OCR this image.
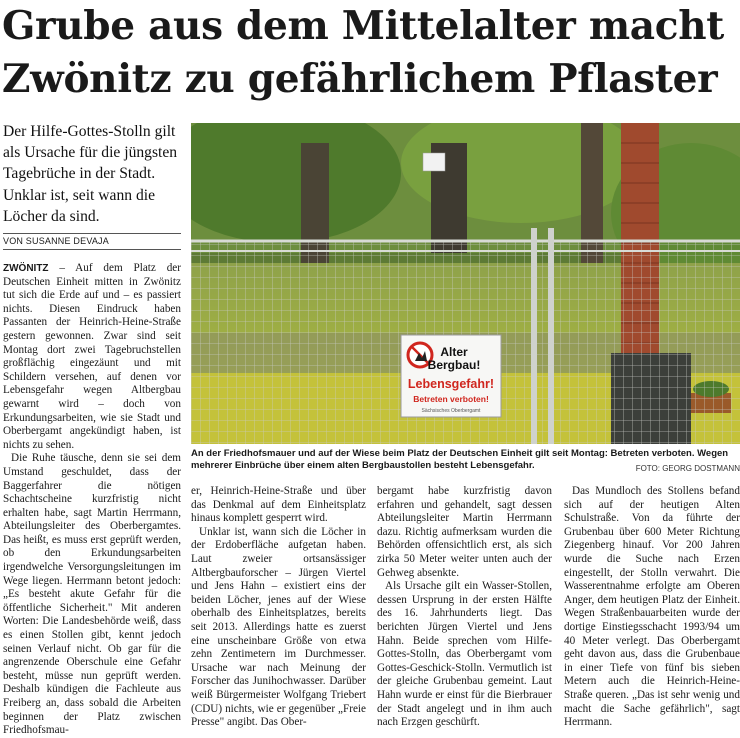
Grube aus dem Mittelalter macht
Zwönitz zu gefährlichem Pflaster
Der Hilfe-Gottes-Stolln gilt als Ursache für die jüngsten Tagebrüche in der Stadt. Unklar ist, seit wann die Löcher da sind.
VON SUSANNE DEVAJA

ZWÖNITZ – Auf dem Platz der Deutschen Einheit mitten in Zwönitz tut sich die Erde auf und – es passiert nichts. Diesen Eindruck haben Passanten der Heinrich-Heine-Straße gestern gewonnen. Zwar sind seit Montag dort zwei Tagebruchstellen großflächig eingezäunt und mit Schildern versehen, auf denen vor Lebensgefahr wegen Altbergbau gewarnt wird – doch von Erkundungsarbeiten, wie sie Stadt und Oberbergamt angekündigt haben, ist nichts zu sehen.

Die Ruhe täusche, denn sie sei dem Umstand geschuldet, dass der Baggerfahrer die nötigen Schachtscheine kurzfristig nicht erhalten habe, sagt Martin Herrmann, Abteilungsleiter des Oberbergamtes. Das heißt, es muss erst geprüft werden, ob den Erkundungsarbeiten irgendwelche Versorgungsleitungen im Wege liegen. Herrmann betont jedoch: „Es besteht akute Gefahr für die öffentliche Sicherheit." Mit anderen Worten: Die Landesbehörde weiß, dass es einen Stollen gibt, kennt jedoch seinen Verlauf nicht. Ob gar für die angrenzende Oberschule eine Gefahr besteht, müsse nun geprüft werden. Deshalb kündigen die Fachleute aus Freiberg an, dass sobald die Arbeiten beginnen der Platz zwischen Friedhofsmau-

Alter
Bergbau!
Lebensgefahr!
Betreten verboten!
Sächsisches Oberbergamt
An der Friedhofsmauer und auf der Wiese beim Platz der Deutschen Einheit gilt seit Montag: Betreten verboten. Wegen mehrerer Einbrüche über einem alten Bergbaustollen besteht Lebensgefahr.	FOTO: GEORG DOSTMANN

er, Heinrich-Heine-Straße und über das Denkmal auf dem Einheitsplatz hinaus komplett gesperrt wird.

Unklar ist, wann sich die Löcher in der Erdoberfläche aufgetan haben. Laut zweier ortsansässiger Altbergbauforscher – Jürgen Viertel und Jens Hahn – existiert eins der beiden Löcher, jenes auf der Wiese oberhalb des Einheitsplatzes, bereits seit 2013. Allerdings hatte es zuerst eine unscheinbare Größe von etwa zehn Zentimetern im Durchmesser. Ursache war nach Meinung der Forscher das Junihochwasser. Darüber weiß Bürgermeister Wolfgang Triebert (CDU) nichts, wie er gegenüber „Freie Presse" angibt. Das Ober-

bergamt habe kurzfristig davon erfahren und gehandelt, sagt dessen Abteilungsleiter Martin Herrmann dazu. Richtig aufmerksam wurden die Behörden offensichtlich erst, als sich zirka 50 Meter weiter unten auch der Gehweg absenkte.

Als Ursache gilt ein Wasser-Stollen, dessen Ursprung in der ersten Hälfte des 16. Jahrhunderts liegt. Das berichten Jürgen Viertel und Jens Hahn. Beide sprechen vom Hilfe-Gottes-Stolln, das Oberbergamt vom Gottes-Geschick-Stolln. Vermutlich ist der gleiche Grubenbau gemeint. Laut Hahn wurde er einst für die Bierbrauer der Stadt angelegt und in ihm auch nach Erzgen geschürft.

Das Mundloch des Stollens befand sich auf der heutigen Alten Schulstraße. Von da führte der Grubenbau über 600 Meter Richtung Ziegenberg hinauf. Vor 200 Jahren wurde die Suche nach Erzen eingestellt, der Stolln verwahrt. Die Wasserentnahme erfolgte am Oberen Anger, dem heutigen Platz der Einheit. Wegen Straßenbauarbeiten wurde der dortige Einstiegsschacht 1993/94 um 40 Meter verlegt. Das Oberbergamt geht davon aus, dass die Grubenbaue in einer Tiefe von fünf bis sieben Metern auch die Heinrich-Heine-Straße queren. „Das ist sehr wenig und macht die Sache gefährlich", sagt Herrmann.
